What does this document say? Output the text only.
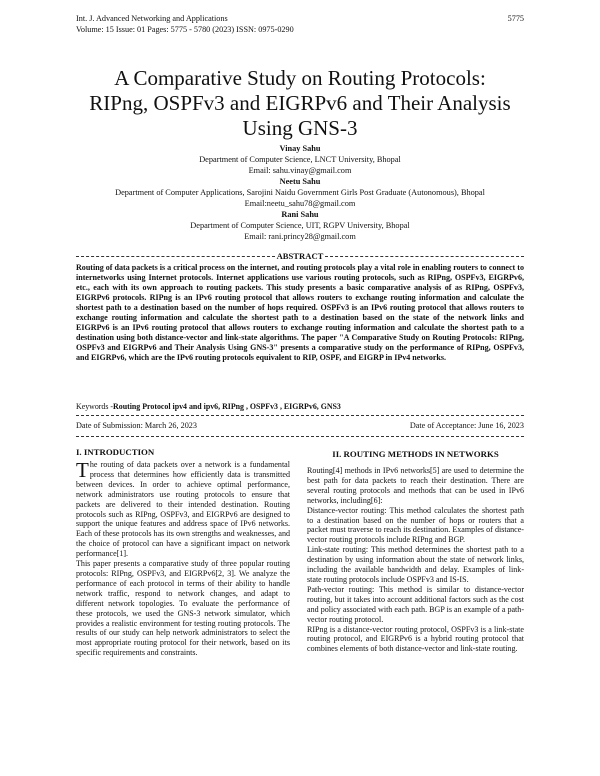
Int. J. Advanced Networking and Applications
Volume: 15 Issue: 01 Pages: 5775 - 5780 (2023) ISSN: 0975-0290
5775
A Comparative Study on Routing Protocols:
RIPng, OSPFv3 and EIGRPv6 and Their Analysis
Using GNS-3
Vinay Sahu
Department of Computer Science, LNCT University, Bhopal
Email: sahu.vinay@gmail.com
Neetu Sahu
Department of Computer Applications, Sarojini Naidu Government Girls Post Graduate (Autonomous), Bhopal
Email:neetu_sahu78@gmail.com
Rani Sahu
Department of Computer Science, UIT, RGPV University, Bhopal
Email: rani.princy28@gmail.com
ABSTRACT
Routing of data packets is a critical process on the internet, and routing protocols play a vital role in enabling routers to connect to internetworks using Internet protocols. Internet applications use various routing protocols, such as RIPng, OSPFv3, EIGRPv6, etc., each with its own approach to routing packets. This study presents a basic comparative analysis of as RIPng, OSPFv3, EIGRPv6 protocols. RIPng is an IPv6 routing protocol that allows routers to exchange routing information and calculate the shortest path to a destination based on the number of hops required. OSPFv3 is an IPv6 routing protocol that allows routers to exchange routing information and calculate the shortest path to a destination based on the state of the network links and EIGRPv6 is an IPv6 routing protocol that allows routers to exchange routing information and calculate the shortest path to a destination using both distance-vector and link-state algorithms. The paper "A Comparative Study on Routing Protocols: RIPng, OSPFv3 and EIGRPv6 and Their Analysis Using GNS-3" presents a comparative study on the performance of RIPng, OSPFv3, and EIGRPv6, which are the IPv6 routing protocols equivalent to RIP, OSPF, and EIGRP in IPv4 networks.
Keywords -Routing Protocol ipv4 and ipv6, RIPng , OSPFv3 , EIGRPv6, GNS3
Date of Submission: March 26, 2023	Date of Acceptance: June 16, 2023
I. INTRODUCTION

The routing of data packets over a network is a fundamental process that determines how efficiently data is transmitted between devices. In order to achieve optimal performance, network administrators use routing protocols to ensure that packets are delivered to their intended destination. Routing protocols such as RIPng, OSPFv3, and EIGRPv6 are designed to support the unique features and address space of IPv6 networks. Each of these protocols has its own strengths and weaknesses, and the choice of protocol can have a significant impact on network performance[1].

This paper presents a comparative study of three popular routing protocols: RIPng, OSPFv3, and EIGRPv6[2, 3]. We analyze the performance of each protocol in terms of their ability to handle network traffic, respond to network changes, and adapt to different network topologies. To evaluate the performance of these protocols, we used the GNS-3 network simulator, which provides a realistic environment for testing routing protocols. The results of our study can help network administrators to select the most appropriate routing protocol for their network, based on its specific requirements and constraints.

II. ROUTING METHODS IN NETWORKS

Routing[4] methods in IPv6 networks[5] are used to determine the best path for data packets to reach their destination. There are several routing protocols and methods that can be used in IPv6 networks, including[6]:

Distance-vector routing: This method calculates the shortest path to a destination based on the number of hops or routers that a packet must traverse to reach its destination. Examples of distance-vector routing protocols include RIPng and BGP.

Link-state routing: This method determines the shortest path to a destination by using information about the state of network links, including the available bandwidth and delay. Examples of link-state routing protocols include OSPFv3 and IS-IS.

Path-vector routing: This method is similar to distance-vector routing, but it takes into account additional factors such as the cost and policy associated with each path. BGP is an example of a path-vector routing protocol.

RIPng is a distance-vector routing protocol, OSPFv3 is a link-state routing protocol, and EIGRPv6 is a hybrid routing protocol that combines elements of both distance-vector and link-state routing.
